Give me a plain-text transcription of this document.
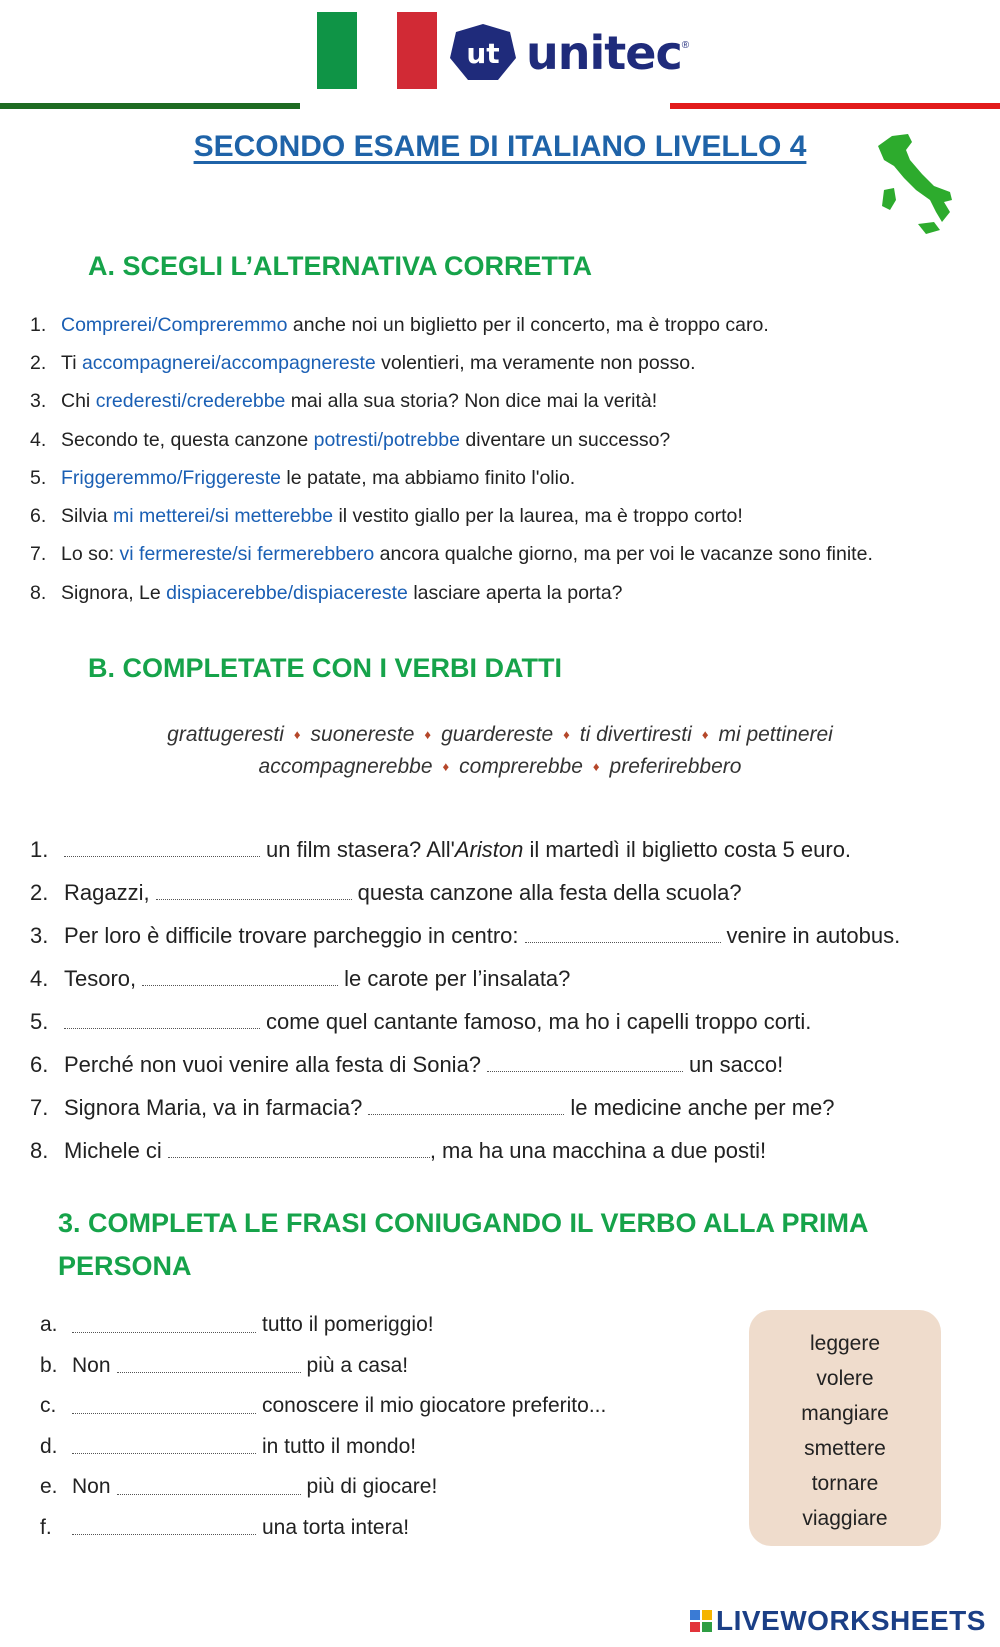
ut unitec ®
SECONDO ESAME DI ITALIANO LIVELLO 4
A. SCEGLI L’ALTERNATIVA CORRETTA
1. Comprerei / Compreremmo anche noi un biglietto per il concerto, ma è troppo caro.
2. Ti accompagnerei / accompagnereste volentieri, ma veramente non posso.
3. Chi crederesti / crederebbe mai alla sua storia? Non dice mai la verità!
4. Secondo te, questa canzone potresti / potrebbe diventare un successo?
5. Friggeremmo / Friggereste le patate, ma abbiamo finito l'olio.
6. Silvia mi metterei / si metterebbe il vestito giallo per la laurea, ma è troppo corto!
7. Lo so: vi fermereste / si fermerebbero ancora qualche giorno, ma per voi le vacanze sono finite.
8. Signora, Le dispiacerebbe / dispiacereste lasciare aperta la porta?
B. COMPLETATE CON I VERBI DATTI
grattugeresti ♦ suonereste ♦ guardereste ♦ ti divertiresti ♦ mi pettinerei
accompagnerebbe ♦ comprerebbe ♦ preferirebbero
1.	un film stasera? All' Ariston il martedì il biglietto costa 5 euro.
2. Ragazzi,	questa canzone alla festa della scuola?
3. Per loro è difficile trovare parcheggio in centro:	venire in autobus.
4. Tesoro,	le carote per l’insalata?
5.	come quel cantante famoso, ma ho i capelli troppo corti.
6. Perché non vuoi venire alla festa di Sonia?	un sacco!
7. Signora Maria, va in farmacia?	le medicine anche per me?
8. Michele ci	, ma ha una macchina a due posti!
3. COMPLETA LE FRASI CONIUGANDO IL VERBO ALLA PRIMA
PERSONA
a.	tutto il pomeriggio!
b. Non	più a casa!
c.	conoscere il mio giocatore preferito...
d.	in tutto il mondo!
e. Non	più di giocare!
f.	una torta intera!
leggere
volere
mangiare
smettere
tornare
viaggiare
LIVEWORKSHEETS
